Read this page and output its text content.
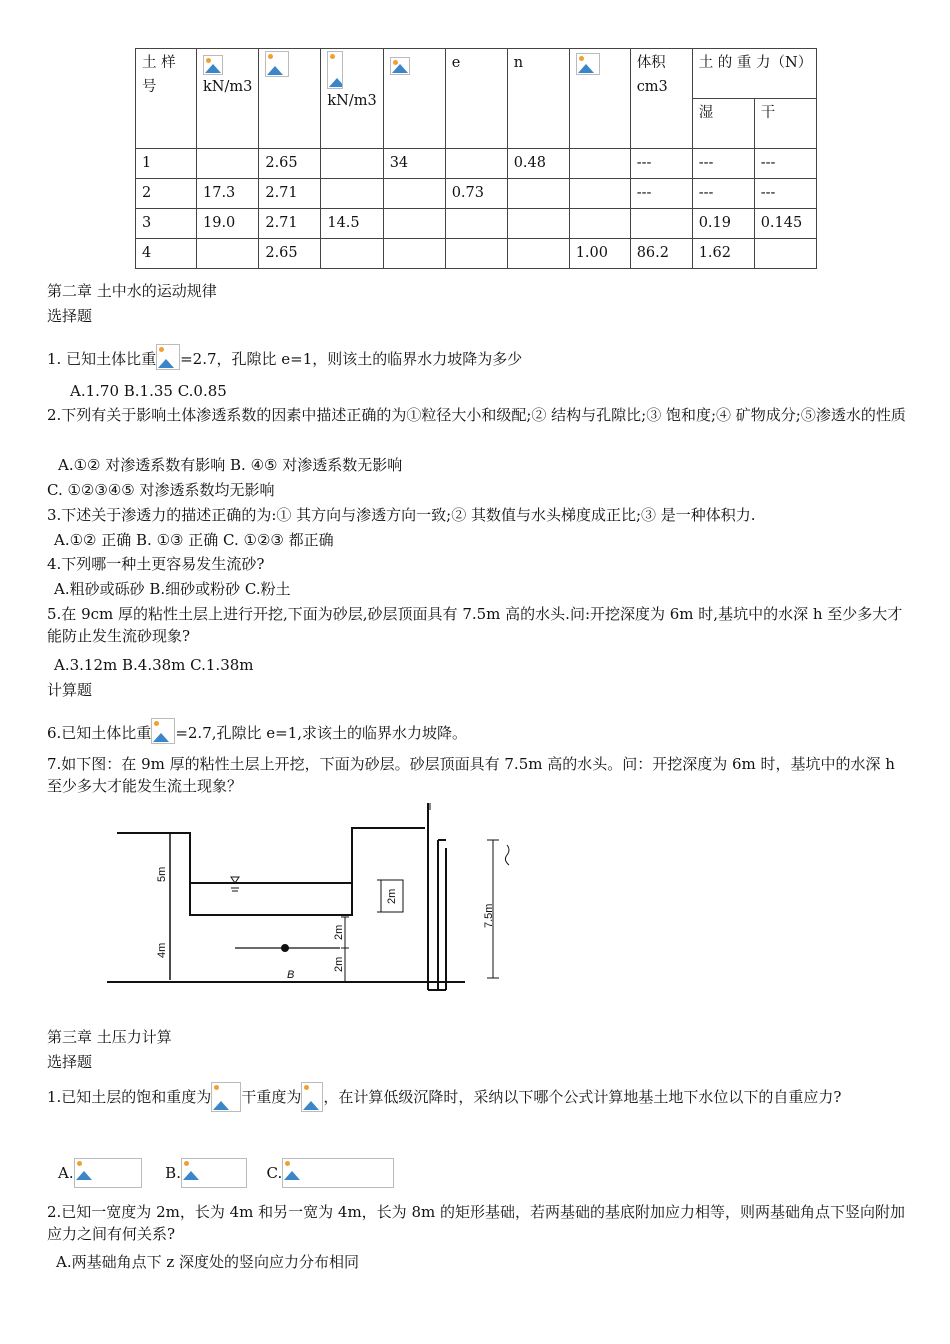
土 样号	kN/m3		kN/m3		e	n		体积cm3	土 的 重 力（N）	
									湿	干
1		2.65		34		0.48		---	---	---
2	17.3	2.71			0.73			---	---	---
3	19.0	2.71	14.5						0.19	0.145
4		2.65					1.00	86.2	1.62	
第二章 土中水的运动规律
选择题
1. 已知土体比重 =2.7，孔隙比 e=1，则该土的临界水力坡降为多少
A.1.70 B.1.35 C.0.85
2.下列有关于影响土体渗透系数的因素中描述正确的为①粒径大小和级配;② 结构与孔隙比;③ 饱和度;④ 矿物成分;⑤渗透水的性质
A.①② 对渗透系数有影响 B. ④⑤ 对渗透系数无影响
C. ①②③④⑤ 对渗透系数均无影响
3.下述关于渗透力的描述正确的为:① 其方向与渗透方向一致;② 其数值与水头梯度成正比;③ 是一种体积力.
A.①② 正确 B. ①③ 正确 C. ①②③ 都正确
4.下列哪一种土更容易发生流砂?
A.粗砂或砾砂 B.细砂或粉砂 C.粉土
5.在 9cm 厚的粘性土层上进行开挖,下面为砂层,砂层顶面具有 7.5m 高的水头.问:开挖深度为 6m 时,基坑中的水深 h 至少多大才能防止发生流砂现象?
A.3.12m B.4.38m C.1.38m
计算题
6.已知土体比重 =2.7,孔隙比 e=1,求该土的临界水力坡降。
7.如下图：在 9m 厚的粘性土层上开挖，下面为砂层。砂层顶面具有 7.5m 高的水头。问：开挖深度为 6m 时，基坑中的水深 h 至少多大才能发生流土现象？
5m
4m
2m
2m
2m
7.5m
B
第三章 土压力计算
选择题
1.已知土层的饱和重度为 干重度为 ，在计算低级沉降时，采纳以下哪个公式计算地基土地下水位以下的自重应力?
A.	B.	C.
2.已知一宽度为 2m，长为 4m 和另一宽为 4m，长为 8m 的矩形基础，若两基础的基底附加应力相等，则两基础角点下竖向附加应力之间有何关系?
A.两基础角点下 z 深度处的竖向应力分布相同
